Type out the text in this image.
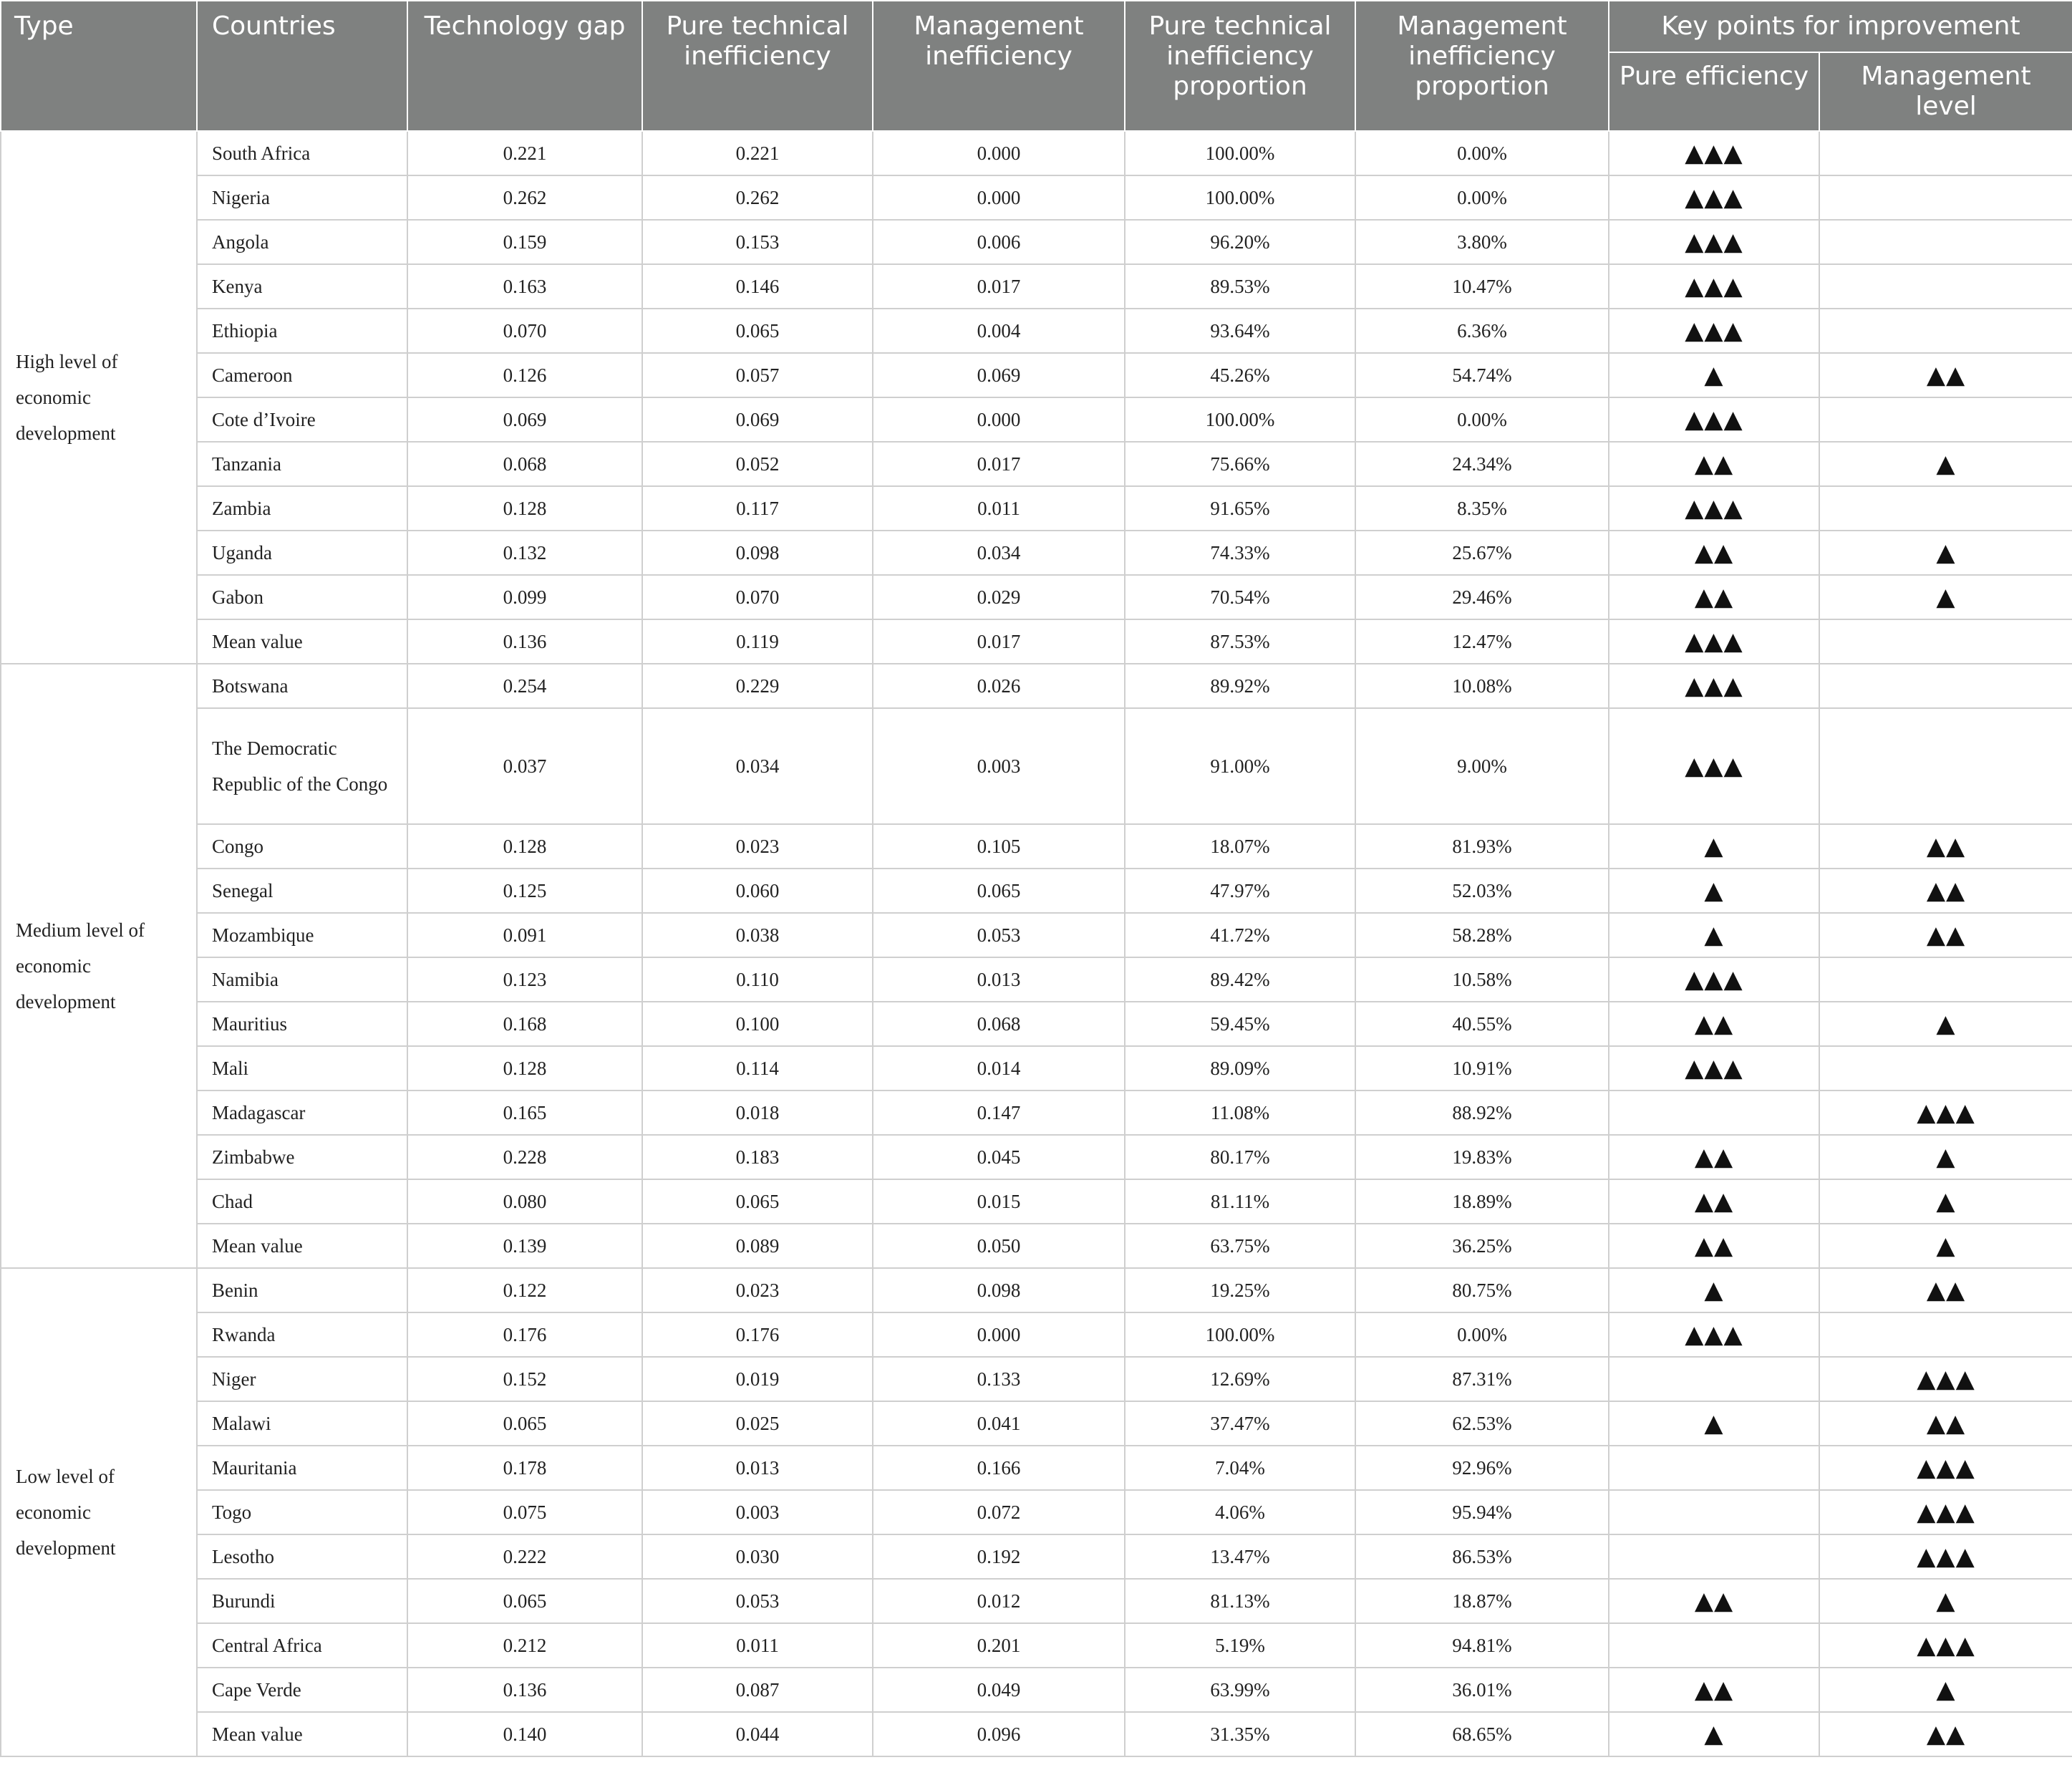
Type	Countries	Technology gap	Pure technical inefficiency	Management inefficiency	Pure technical inefficiency proportion	Management inefficiency proportion	Key points for improvement	
							Pure efficiency	Management level
High level of economic development	South Africa	0.221	0.221	0.000	100.00%	0.00%	▲▲▲	
	Nigeria	0.262	0.262	0.000	100.00%	0.00%	▲▲▲	
	Angola	0.159	0.153	0.006	96.20%	3.80%	▲▲▲	
	Kenya	0.163	0.146	0.017	89.53%	10.47%	▲▲▲	
	Ethiopia	0.070	0.065	0.004	93.64%	6.36%	▲▲▲	
	Cameroon	0.126	0.057	0.069	45.26%	54.74%	▲	▲▲
	Cote d’Ivoire	0.069	0.069	0.000	100.00%	0.00%	▲▲▲	
	Tanzania	0.068	0.052	0.017	75.66%	24.34%	▲▲	▲
	Zambia	0.128	0.117	0.011	91.65%	8.35%	▲▲▲	
	Uganda	0.132	0.098	0.034	74.33%	25.67%	▲▲	▲
	Gabon	0.099	0.070	0.029	70.54%	29.46%	▲▲	▲
	Mean value	0.136	0.119	0.017	87.53%	12.47%	▲▲▲	
Medium level of economic development	Botswana	0.254	0.229	0.026	89.92%	10.08%	▲▲▲	
	The Democratic Republic of the Congo	0.037	0.034	0.003	91.00%	9.00%	▲▲▲	
	Congo	0.128	0.023	0.105	18.07%	81.93%	▲	▲▲
	Senegal	0.125	0.060	0.065	47.97%	52.03%	▲	▲▲
	Mozambique	0.091	0.038	0.053	41.72%	58.28%	▲	▲▲
	Namibia	0.123	0.110	0.013	89.42%	10.58%	▲▲▲	
	Mauritius	0.168	0.100	0.068	59.45%	40.55%	▲▲	▲
	Mali	0.128	0.114	0.014	89.09%	10.91%	▲▲▲	
	Madagascar	0.165	0.018	0.147	11.08%	88.92%		▲▲▲
	Zimbabwe	0.228	0.183	0.045	80.17%	19.83%	▲▲	▲
	Chad	0.080	0.065	0.015	81.11%	18.89%	▲▲	▲
	Mean value	0.139	0.089	0.050	63.75%	36.25%	▲▲	▲
Low level of economic development	Benin	0.122	0.023	0.098	19.25%	80.75%	▲	▲▲
	Rwanda	0.176	0.176	0.000	100.00%	0.00%	▲▲▲	
	Niger	0.152	0.019	0.133	12.69%	87.31%		▲▲▲
	Malawi	0.065	0.025	0.041	37.47%	62.53%	▲	▲▲
	Mauritania	0.178	0.013	0.166	7.04%	92.96%		▲▲▲
	Togo	0.075	0.003	0.072	4.06%	95.94%		▲▲▲
	Lesotho	0.222	0.030	0.192	13.47%	86.53%		▲▲▲
	Burundi	0.065	0.053	0.012	81.13%	18.87%	▲▲	▲
	Central Africa	0.212	0.011	0.201	5.19%	94.81%		▲▲▲
	Cape Verde	0.136	0.087	0.049	63.99%	36.01%	▲▲	▲
	Mean value	0.140	0.044	0.096	31.35%	68.65%	▲	▲▲
